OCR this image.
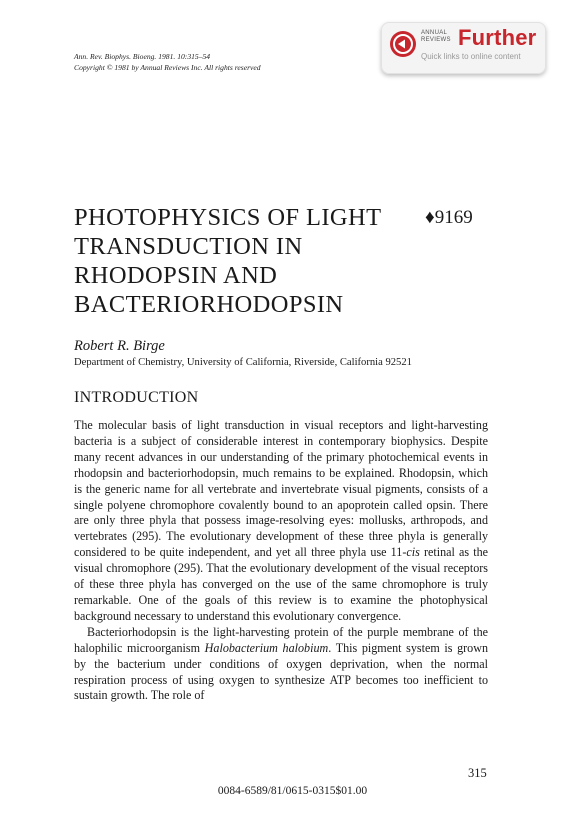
Ann. Rev. Biophys. Bioeng. 1981. 10:315–54
Copyright © 1981 by Annual Reviews Inc. All rights reserved
ANNUAL
REVIEWS Further
Quick links to online content
PHOTOPHYSICS OF LIGHT
TRANSDUCTION IN
RHODOPSIN AND
BACTERIORHODOPSIN
♦9169
Robert R. Birge
Department of Chemistry, University of California, Riverside, California 92521
INTRODUCTION

The molecular basis of light transduction in visual receptors and light-harvesting bacteria is a subject of considerable interest in contemporary biophysics. Despite many recent advances in our understanding of the primary photochemical events in rhodopsin and bacteriorhodopsin, much remains to be explained. Rhodopsin, which is the generic name for all vertebrate and invertebrate visual pigments, consists of a single polyene chromophore covalently bound to an apoprotein called opsin. There are only three phyla that possess image-resolving eyes: mollusks, arthropods, and vertebrates (295). The evolutionary development of these three phyla is generally considered to be quite independent, and yet all three phyla use 11-cis retinal as the visual chromophore (295). That the evolutionary development of the visual receptors of these three phyla has converged on the use of the same chromophore is truly remarkable. One of the goals of this review is to examine the photophysical background necessary to understand this evolutionary convergence.

Bacteriorhodopsin is the light-harvesting protein of the purple membrane of the halophilic microorganism Halobacterium halobium. This pigment system is grown by the bacterium under conditions of oxygen deprivation, when the normal respiration process of using oxygen to synthesize ATP becomes too inefficient to sustain growth. The role of

315
0084-6589/81/0615-0315$01.00
